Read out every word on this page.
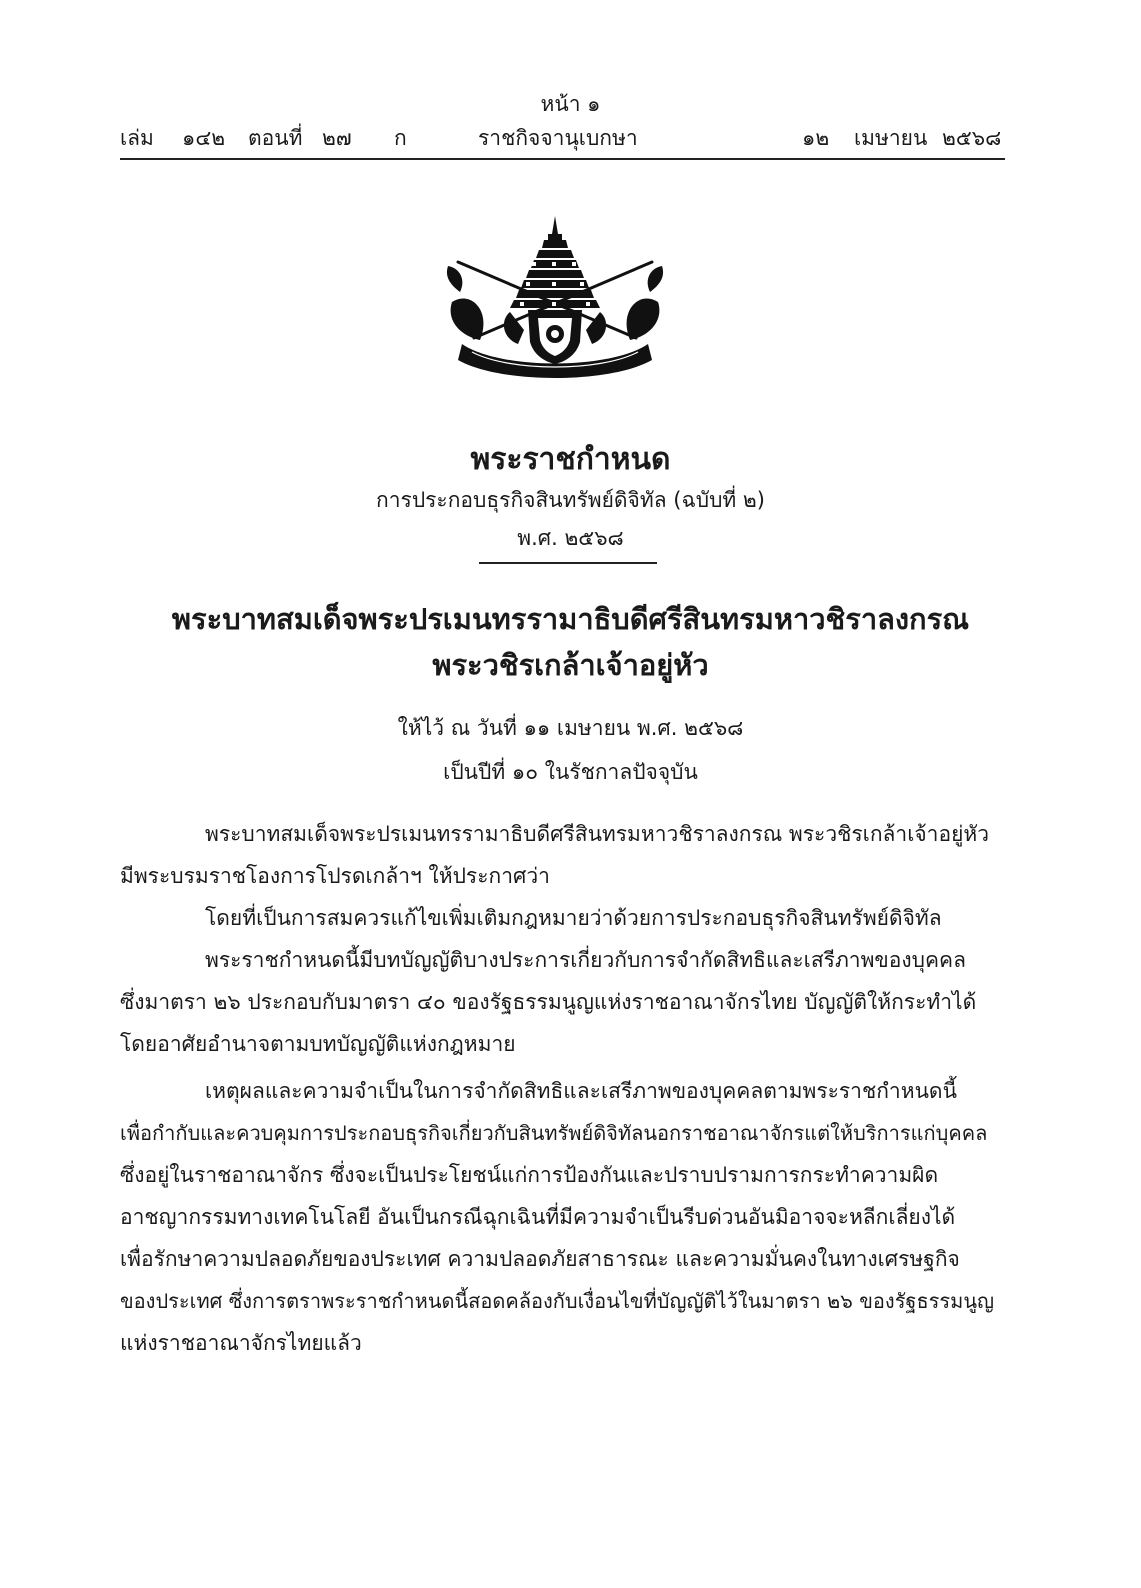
หน้า ๑
เล่ม ๑๔๒ ตอนที่ ๒๗ ก	ราชกิจจานุเบกษา	๑๒ เมษายน ๒๕๖๘
พระราชกำหนด
การประกอบธุรกิจสินทรัพย์ดิจิทัล (ฉบับที่ ๒)
พ.ศ. ๒๕๖๘
พระบาทสมเด็จพระปรเมนทรรามาธิบดีศรีสินทรมหาวชิราลงกรณ
พระวชิรเกล้าเจ้าอยู่หัว
ให้ไว้ ณ วันที่ ๑๑ เมษายน พ.ศ. ๒๕๖๘
เป็นปีที่ ๑๐ ในรัชกาลปัจจุบัน
พระบาทสมเด็จพระปรเมนทรรามาธิบดีศรีสินทรมหาวชิราลงกรณ พระวชิรเกล้าเจ้าอยู่หัว
มีพระบรมราชโองการโปรดเกล้าฯ ให้ประกาศว่า
โดยที่เป็นการสมควรแก้ไขเพิ่มเติมกฎหมายว่าด้วยการประกอบธุรกิจสินทรัพย์ดิจิทัล
พระราชกำหนดนี้มีบทบัญญัติบางประการเกี่ยวกับการจำกัดสิทธิและเสรีภาพของบุคคล
ซึ่งมาตรา ๒๖ ประกอบกับมาตรา ๔๐ ของรัฐธรรมนูญแห่งราชอาณาจักรไทย บัญญัติให้กระทำได้
โดยอาศัยอำนาจตามบทบัญญัติแห่งกฎหมาย
เหตุผลและความจำเป็นในการจำกัดสิทธิและเสรีภาพของบุคคลตามพระราชกำหนดนี้
เพื่อกำกับและควบคุมการประกอบธุรกิจเกี่ยวกับสินทรัพย์ดิจิทัลนอกราชอาณาจักรแต่ให้บริการแก่บุคคล
ซึ่งอยู่ในราชอาณาจักร ซึ่งจะเป็นประโยชน์แก่การป้องกันและปราบปรามการกระทำความผิด
อาชญากรรมทางเทคโนโลยี อันเป็นกรณีฉุกเฉินที่มีความจำเป็นรีบด่วนอันมิอาจจะหลีกเลี่ยงได้
เพื่อรักษาความปลอดภัยของประเทศ ความปลอดภัยสาธารณะ และความมั่นคงในทางเศรษฐกิจ
ของประเทศ ซึ่งการตราพระราชกำหนดนี้สอดคล้องกับเงื่อนไขที่บัญญัติไว้ในมาตรา ๒๖ ของรัฐธรรมนูญ
แห่งราชอาณาจักรไทยแล้ว
